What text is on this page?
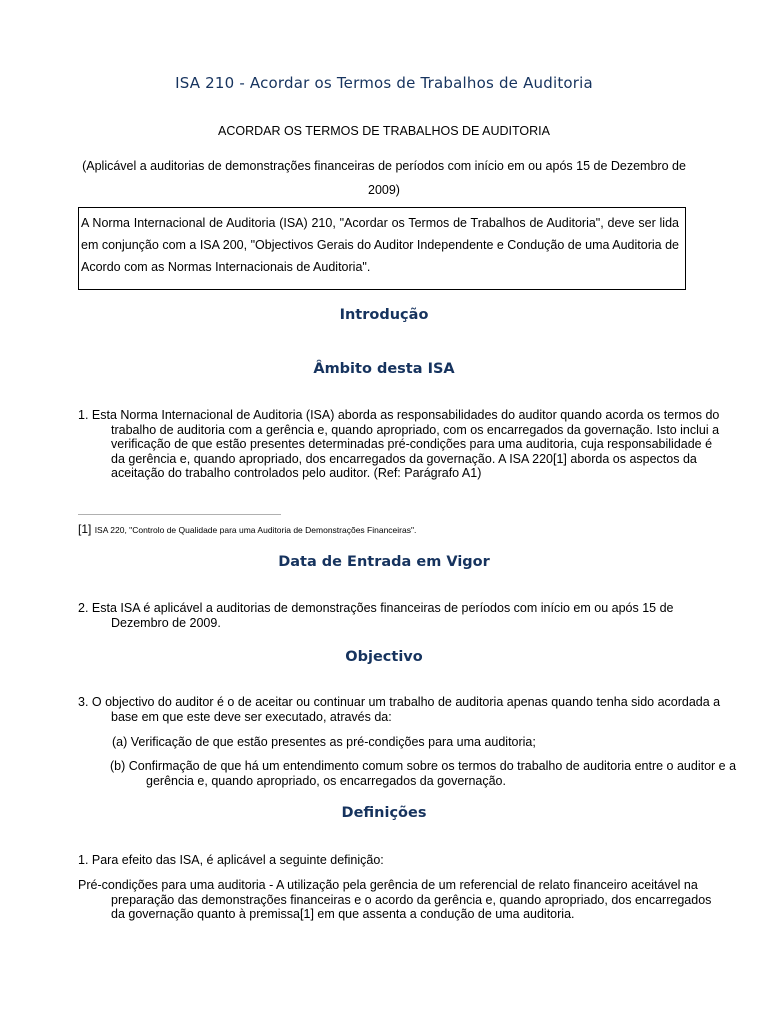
ISA 210 - Acordar os Termos de Trabalhos de Auditoria
ACORDAR OS TERMOS DE TRABALHOS DE AUDITORIA
(Aplicável a auditorias de demonstrações financeiras de períodos com início em ou após 15 de Dezembro de 2009)
A Norma Internacional de Auditoria (ISA) 210, "Acordar os Termos de Trabalhos de Auditoria", deve ser lida em conjunção com a ISA 200, "Objectivos Gerais do Auditor Independente e Condução de uma Auditoria de Acordo com as Normas Internacionais de Auditoria".
Introdução
Âmbito desta ISA
1. Esta Norma Internacional de Auditoria (ISA) aborda as responsabilidades do auditor quando acorda os termos do trabalho de auditoria com a gerência e, quando apropriado, com os encarregados da governação. Isto inclui a verificação de que estão presentes determinadas pré-condições para uma auditoria, cuja responsabilidade é da gerência e, quando apropriado, dos encarregados da governação. A ISA 220[1] aborda os aspectos da aceitação do trabalho controlados pelo auditor. (Ref: Parágrafo A1)
[1] ISA 220, "Controlo de Qualidade para uma Auditoria de Demonstrações Financeiras".
Data de Entrada em Vigor
2. Esta ISA é aplicável a auditorias de demonstrações financeiras de períodos com início em ou após 15 de Dezembro de 2009.
Objectivo
3. O objectivo do auditor é o de aceitar ou continuar um trabalho de auditoria apenas quando tenha sido acordada a base em que este deve ser executado, através da:
(a) Verificação de que estão presentes as pré-condições para uma auditoria;
(b) Confirmação de que há um entendimento comum sobre os termos do trabalho de auditoria entre o auditor e a gerência e, quando apropriado, os encarregados da governação.
Definições
1. Para efeito das ISA, é aplicável a seguinte definição:
Pré-condições para uma auditoria - A utilização pela gerência de um referencial de relato financeiro aceitável na preparação das demonstrações financeiras e o acordo da gerência e, quando apropriado, dos encarregados da governação quanto à premissa[1] em que assenta a condução de uma auditoria.
